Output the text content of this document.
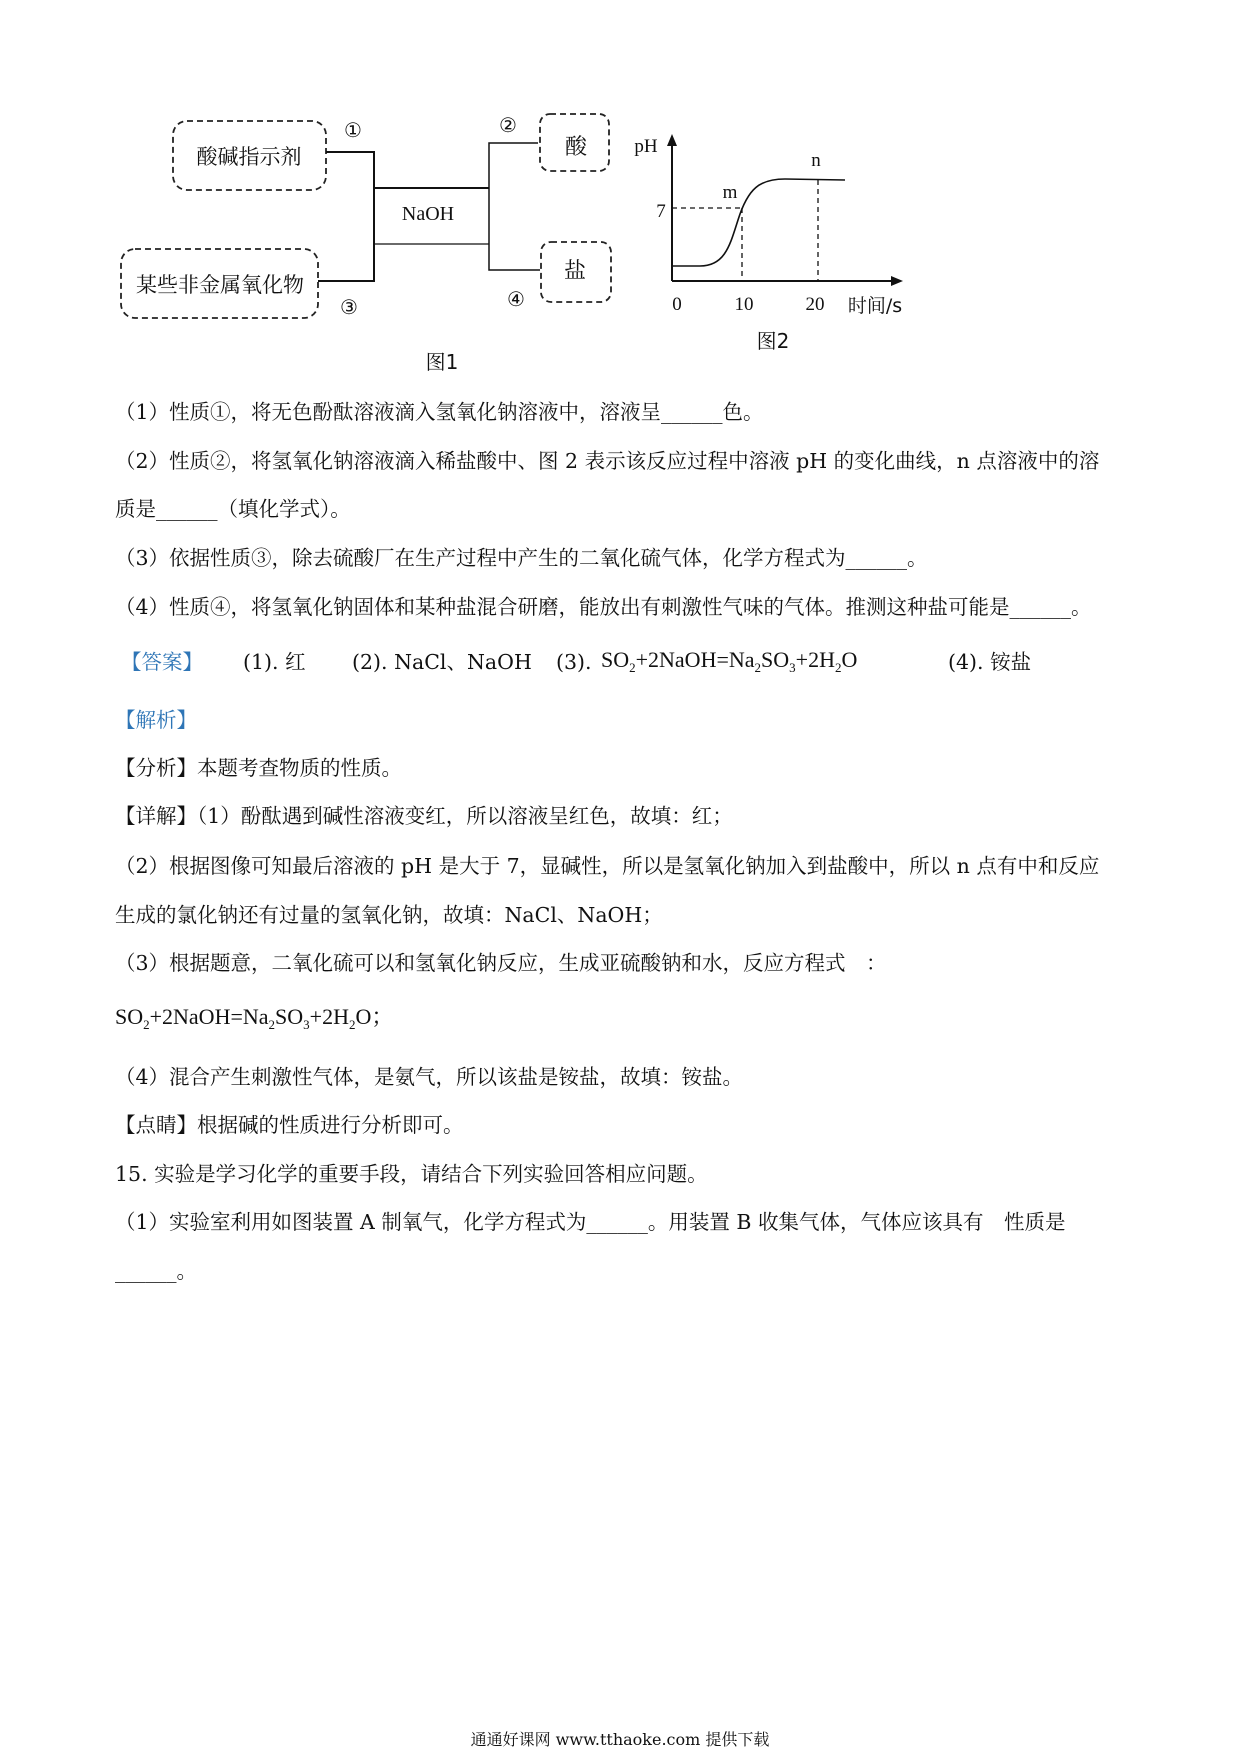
酸碱指示剂
某些非金属氧化物
酸
盐
NaOH
①	②
③	④
图1
pH
7
m
n
0	10	20 时间/s
图2
（1）性质①，将无色酚酞溶液滴入氢氧化钠溶液中，溶液呈______色。
（2）性质②，将氢氧化钠溶液滴入稀盐酸中、图 2 表示该反应过程中溶液 pH 的变化曲线，n 点溶液中的溶
质是______（填化学式）。
（3）依据性质③，除去硫酸厂在生产过程中产生的二氧化硫气体，化学方程式为______。
（4）性质④，将氢氧化钠固体和某种盐混合研磨，能放出有刺激性气味的气体。推测这种盐可能是______。
【答案】 (1). 红 (2). NaCl、NaOH (3). $SO_2+2NaOH=Na_2SO_3+2H_2O$	(4). 铵盐
【解析】
【分析】本题考查物质的性质。
【详解】（1）酚酞遇到碱性溶液变红，所以溶液呈红色，故填：红；
（2）根据图像可知最后溶液的 pH 是大于 7，显碱性，所以是氢氧化钠加入到盐酸中，所以 n 点有中和反应
生成的氯化钠还有过量的氢氧化钠，故填：NaCl、NaOH；
（3）根据题意，二氧化硫可以和氢氧化钠反应，生成亚硫酸钠和水，反应方程式　：
$SO_2+2NaOH=Na_2SO_3+2H_2O$；
（4）混合产生刺激性气体，是氨气，所以该盐是铵盐，故填：铵盐。
【点睛】根据碱的性质进行分析即可。
15. 实验是学习化学的重要手段，请结合下列实验回答相应问题。
（1）实验室利用如图装置 A 制氧气，化学方程式为______。用装置 B 收集气体，气体应该具有　性质是
______。
通通好课网 www.tthaoke.com 提供下载
